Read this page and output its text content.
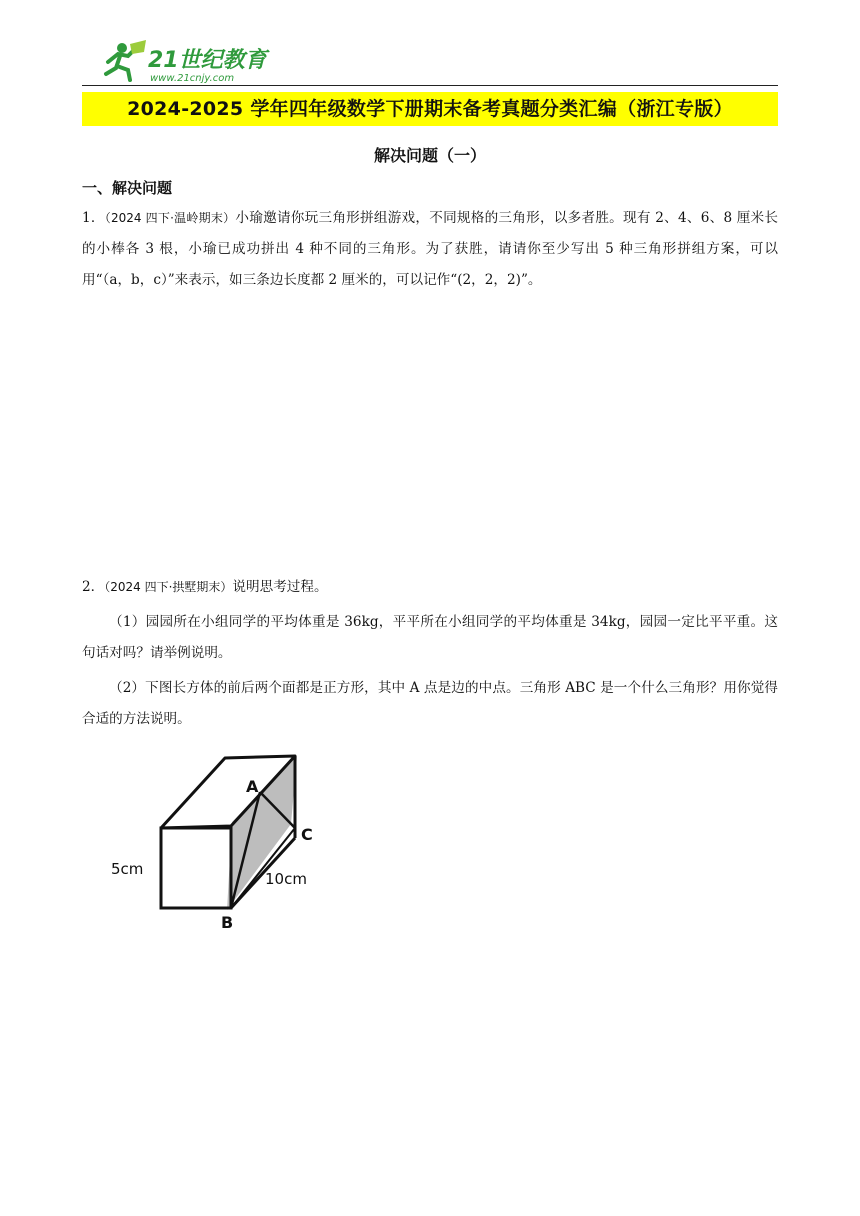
21世纪教育
www.21cnjy.com
2024-2025 学年四年级数学下册期末备考真题分类汇编（浙江专版）
解决问题（一）
一、解决问题

1．（2024 四下·温岭期末）小瑜邀请你玩三角形拼组游戏，不同规格的三角形，以多者胜。现有 2、4、6、8 厘米长的小棒各 3 根，小瑜已成功拼出 4 种不同的三角形。为了获胜，请请你至少写出 5 种三角形拼组方案，可以用“（a，b，c）”来表示，如三条边长度都 2 厘米的，可以记作“(2，2，2)”。

2．（2024 四下·拱墅期末）说明思考过程。

（1）园园所在小组同学的平均体重是 36kg，平平所在小组同学的平均体重是 34kg，园园一定比平平重。这句话对吗？请举例说明。

（2）下图长方体的前后两个面都是正方形，其中 A 点是边的中点。三角形 ABC 是一个什么三角形？用你觉得合适的方法说明。

A
B
C
5cm
10cm
